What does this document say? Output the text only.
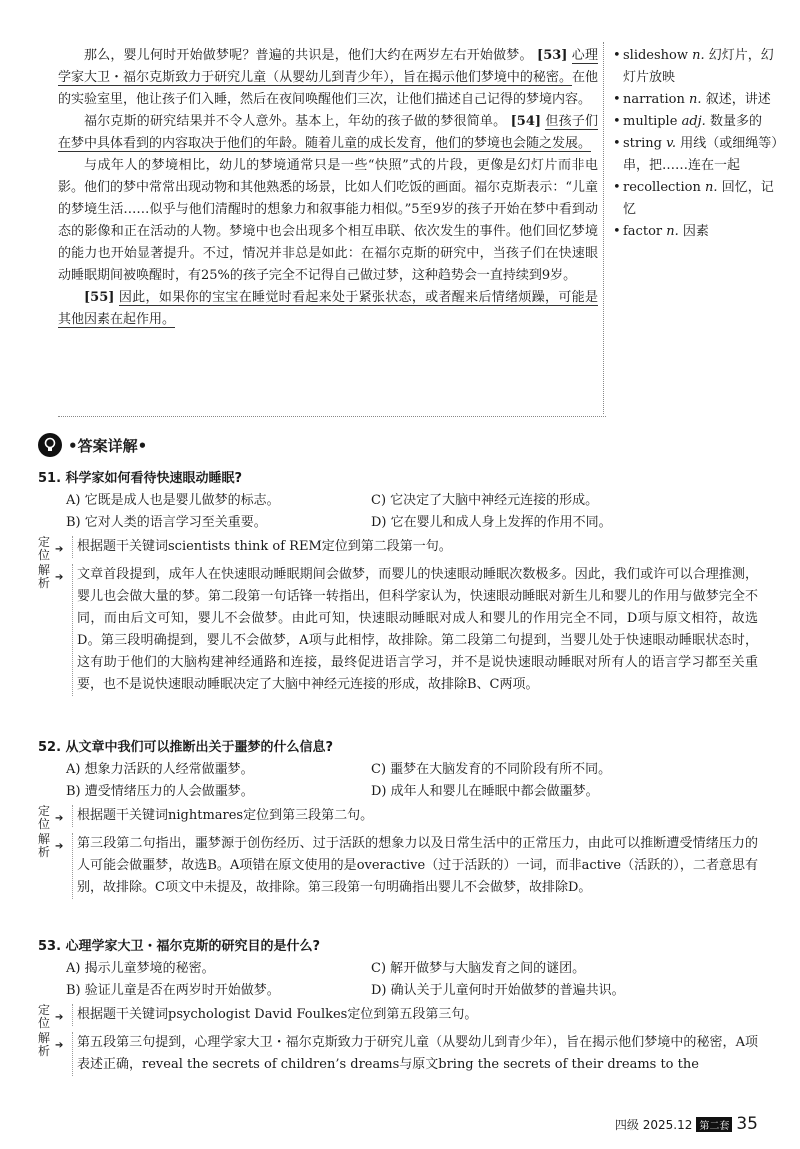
那么，婴儿何时开始做梦呢？普遍的共识是，他们大约在两岁左右开始做梦。 [53] 心理学家大卫・福尔克斯致力于研究儿童（从婴幼儿到青少年），旨在揭示他们梦境中的秘密。在他的实验室里，他让孩子们入睡，然后在夜间唤醒他们三次，让他们描述自己记得的梦境内容。

福尔克斯的研究结果并不令人意外。基本上，年幼的孩子做的梦很简单。 [54] 但孩子们在梦中具体看到的内容取决于他们的年龄。随着儿童的成长发育，他们的梦境也会随之发展。

与成年人的梦境相比，幼儿的梦境通常只是一些“快照”式的片段，更像是幻灯片而非电影。他们的梦中常常出现动物和其他熟悉的场景，比如人们吃饭的画面。福尔克斯表示：“儿童的梦境生活……似乎与他们清醒时的想象力和叙事能力相似。”5至9岁的孩子开始在梦中看到动态的影像和正在活动的人物。梦境中也会出现多个相互串联、依次发生的事件。他们回忆梦境的能力也开始显著提升。不过，情况并非总是如此：在福尔克斯的研究中，当孩子们在快速眼动睡眠期间被唤醒时，有25%的孩子完全不记得自己做过梦，这种趋势会一直持续到9岁。

[55] 因此，如果你的宝宝在睡觉时看起来处于紧张状态，或者醒来后情绪烦躁，可能是其他因素在起作用。

• slideshow n. 幻灯片，幻灯片放映
• narration n. 叙述，讲述
• multiple adj. 数量多的
• string v. 用线（或细绳等）串，把……连在一起
• recollection n. 回忆，记忆
• factor n. 因素
•答案详解•
51. 科学家如何看待快速眼动睡眠?
A) 它既是成人也是婴儿做梦的标志。	C) 它决定了大脑中神经元连接的形成。
B) 它对人类的语言学习至关重要。	D) 它在婴儿和成人身上发挥的作用不同。
定位 ➔	根据题干关键词scientists think of REM定位到第二段第一句。
解析 ➔	文章首段提到，成年人在快速眼动睡眠期间会做梦，而婴儿的快速眼动睡眠次数极多。因此，我们或许可以合理推测，婴儿也会做大量的梦。第二段第一句话锋一转指出，但科学家认为，快速眼动睡眠对新生儿和婴儿的作用与做梦完全不同，而由后文可知，婴儿不会做梦。由此可知，快速眼动睡眠对成人和婴儿的作用完全不同，D项与原文相符，故选D。第三段明确提到，婴儿不会做梦，A项与此相悖，故排除。第二段第二句提到，当婴儿处于快速眼动睡眠状态时，这有助于他们的大脑构建神经通路和连接，最终促进语言学习，并不是说快速眼动睡眠对所有人的语言学习都至关重要，也不是说快速眼动睡眠决定了大脑中神经元连接的形成，故排除B、C两项。
52. 从文章中我们可以推断出关于噩梦的什么信息?
A) 想象力活跃的人经常做噩梦。	C) 噩梦在大脑发育的不同阶段有所不同。
B) 遭受情绪压力的人会做噩梦。	D) 成年人和婴儿在睡眠中都会做噩梦。
定位 ➔	根据题干关键词nightmares定位到第三段第二句。
解析 ➔	第三段第二句指出，噩梦源于创伤经历、过于活跃的想象力以及日常生活中的正常压力，由此可以推断遭受情绪压力的人可能会做噩梦，故选B。A项错在原文使用的是overactive（过于活跃的）一词，而非active（活跃的），二者意思有别，故排除。C项文中未提及，故排除。第三段第一句明确指出婴儿不会做梦，故排除D。
53. 心理学家大卫・福尔克斯的研究目的是什么?
A) 揭示儿童梦境的秘密。	C) 解开做梦与大脑发育之间的谜团。
B) 验证儿童是否在两岁时开始做梦。	D) 确认关于儿童何时开始做梦的普遍共识。
定位 ➔	根据题干关键词psychologist David Foulkes定位到第五段第三句。
解析 ➔	第五段第三句提到，心理学家大卫・福尔克斯致力于研究儿童（从婴幼儿到青少年），旨在揭示他们梦境中的秘密，A项表述正确，reveal the secrets of children’s dreams与原文bring the secrets of their dreams to the
四级 2025.12 第二套 35
